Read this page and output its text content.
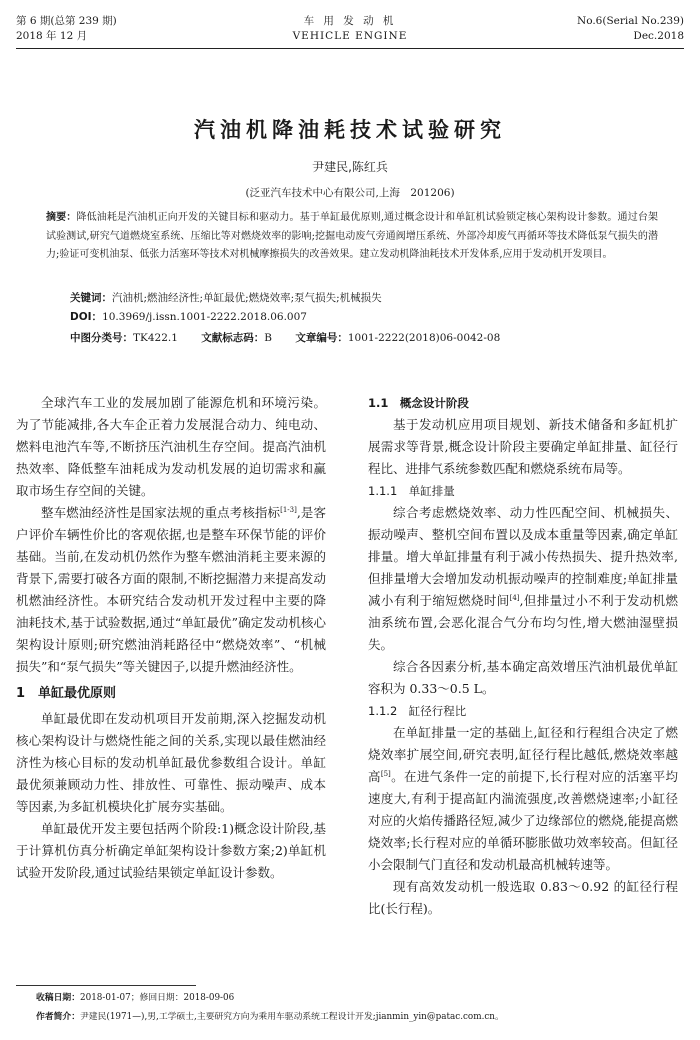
第 6 期(总第 239 期)
2018 年 12 月
车 用 发 动 机
VEHICLE ENGINE
No.6(Serial No.239)
Dec.2018
汽油机降油耗技术试验研究
尹建民,陈红兵
(泛亚汽车技术中心有限公司,上海　201206)
摘要：降低油耗是汽油机正向开发的关键目标和驱动力。基于单缸最优原则,通过概念设计和单缸机试验锁定核心架构设计参数。通过台架试验测试,研究气道燃烧室系统、压缩比等对燃烧效率的影响;挖掘电动废气旁通阀增压系统、外部冷却废气再循环等技术降低泵气损失的潜力;验证可变机油泵、低张力活塞环等技术对机械摩擦损失的改善效果。建立发动机降油耗技术开发体系,应用于发动机开发项目。
关键词：汽油机;燃油经济性;单缸最优;燃烧效率;泵气损失;机械损失
DOI：10.3969/j.issn.1001-2222.2018.06.007
中图分类号：TK422.1 文献标志码：B 文章编号：1001-2222(2018)06-0042-08

全球汽车工业的发展加剧了能源危机和环境污染。为了节能减排,各大车企正着力发展混合动力、纯电动、燃料电池汽车等,不断挤压汽油机生存空间。提高汽油机热效率、降低整车油耗成为发动机发展的迫切需求和赢取市场生存空间的关键。

整车燃油经济性是国家法规的重点考核指标[1-3],是客户评价车辆性价比的客观依据,也是整车环保节能的评价基础。当前,在发动机仍然作为整车燃油消耗主要来源的背景下,需要打破各方面的限制,不断挖掘潜力来提高发动机燃油经济性。本研究结合发动机开发过程中主要的降油耗技术,基于试验数据,通过“单缸最优”确定发动机核心架构设计原则;研究燃油消耗路径中“燃烧效率”、“机械损失”和“泵气损失”等关键因子,以提升燃油经济性。

1　单缸最优原则

单缸最优即在发动机项目开发前期,深入挖掘发动机核心架构设计与燃烧性能之间的关系,实现以最佳燃油经济性为核心目标的发动机单缸最优参数组合设计。单缸最优须兼顾动力性、排放性、可靠性、振动噪声、成本等因素,为多缸机模块化扩展夯实基础。

单缸最优开发主要包括两个阶段:1)概念设计阶段,基于计算机仿真分析确定单缸架构设计参数方案;2)单缸机试验开发阶段,通过试验结果锁定单缸设计参数。

1.1　概念设计阶段

基于发动机应用项目规划、新技术储备和多缸机扩展需求等背景,概念设计阶段主要确定单缸排量、缸径行程比、进排气系统参数匹配和燃烧系统布局等。

1.1.1　单缸排量

综合考虑燃烧效率、动力性匹配空间、机械损失、振动噪声、整机空间布置以及成本重量等因素,确定单缸排量。增大单缸排量有利于减小传热损失、提升热效率,但排量增大会增加发动机振动噪声的控制难度;单缸排量减小有利于缩短燃烧时间[4],但排量过小不利于发动机燃油系统布置,会恶化混合气分布均匀性,增大燃油湿壁损失。

综合各因素分析,基本确定高效增压汽油机最优单缸容积为 0.33～0.5 L。

1.1.2　缸径行程比

在单缸排量一定的基础上,缸径和行程组合决定了燃烧效率扩展空间,研究表明,缸径行程比越低,燃烧效率越高[5]。在进气条件一定的前提下,长行程对应的活塞平均速度大,有利于提高缸内湍流强度,改善燃烧速率;小缸径对应的火焰传播路径短,减少了边缘部位的燃烧,能提高燃烧效率;长行程对应的单循环膨胀做功效率较高。但缸径小会限制气门直径和发动机最高机械转速等。

现有高效发动机一般选取 0.83～0.92 的缸径行程比(长行程)。

收稿日期：2018-01-07；修回日期：2018-09-06
作者简介：尹建民(1971—),男,工学硕士,主要研究方向为乘用车驱动系统工程设计开发;jianmin_yin@patac.com.cn。
